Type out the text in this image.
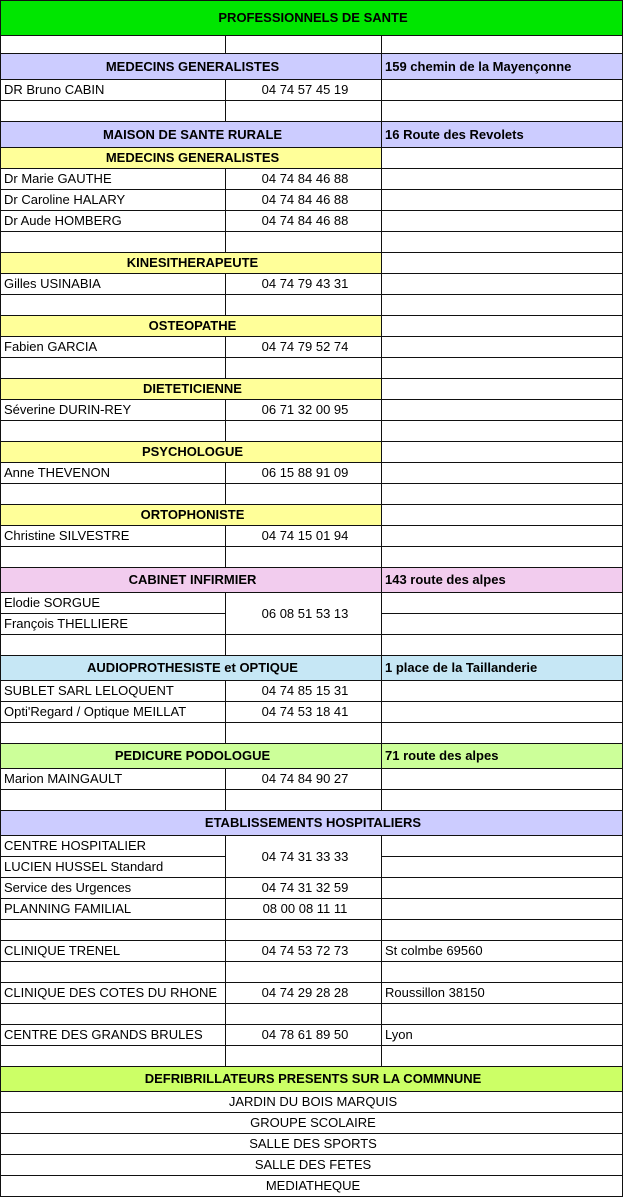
PROFESSIONNELS DE SANTE		

MEDECINS GENERALISTES		159 chemin de la Mayençonne
DR Bruno CABIN	04 74 57 45 19	

MAISON DE SANTE RURALE		16 Route des Revolets
MEDECINS GENERALISTES		
Dr Marie GAUTHE	04 74 84 46 88	
Dr Caroline HALARY	04 74 84 46 88	
Dr Aude HOMBERG	04 74 84 46 88	

KINESITHERAPEUTE		
Gilles USINABIA	04 74 79 43 31	

OSTEOPATHE		
Fabien GARCIA	04 74 79 52 74	

DIETETICIENNE		
Séverine DURIN-REY	06 71 32 00 95	

PSYCHOLOGUE		
Anne THEVENON	06 15 88 91 09	

ORTOPHONISTE		
Christine SILVESTRE	04 74 15 01 94	

CABINET INFIRMIER		143 route des alpes
Elodie SORGUE	06 08 51 53 13	
François THELLIERE		

AUDIOPROTHESISTE et OPTIQUE		1 place de la Taillanderie
SUBLET SARL LELOQUENT	04 74 85 15 31	
Opti'Regard / Optique MEILLAT	04 74 53 18 41	

PEDICURE PODOLOGUE		71 route des alpes
Marion MAINGAULT	04 74 84 90 27	

ETABLISSEMENTS HOSPITALIERS		
CENTRE HOSPITALIER	04 74 31 33 33	
LUCIEN HUSSEL Standard		
Service des Urgences	04 74 31 32 59	
PLANNING FAMILIAL	08 00 08 11 11	

CLINIQUE TRENEL	04 74 53 72 73	St colmbe 69560

CLINIQUE DES COTES DU RHONE	04 74 29 28 28	Roussillon 38150

CENTRE DES GRANDS BRULES	04 78 61 89 50	Lyon

DEFRIBRILLATEURS PRESENTS SUR LA COMMNUNE		
JARDIN DU BOIS MARQUIS		
GROUPE SCOLAIRE		
SALLE DES SPORTS		
SALLE DES FETES		
MEDIATHEQUE		
